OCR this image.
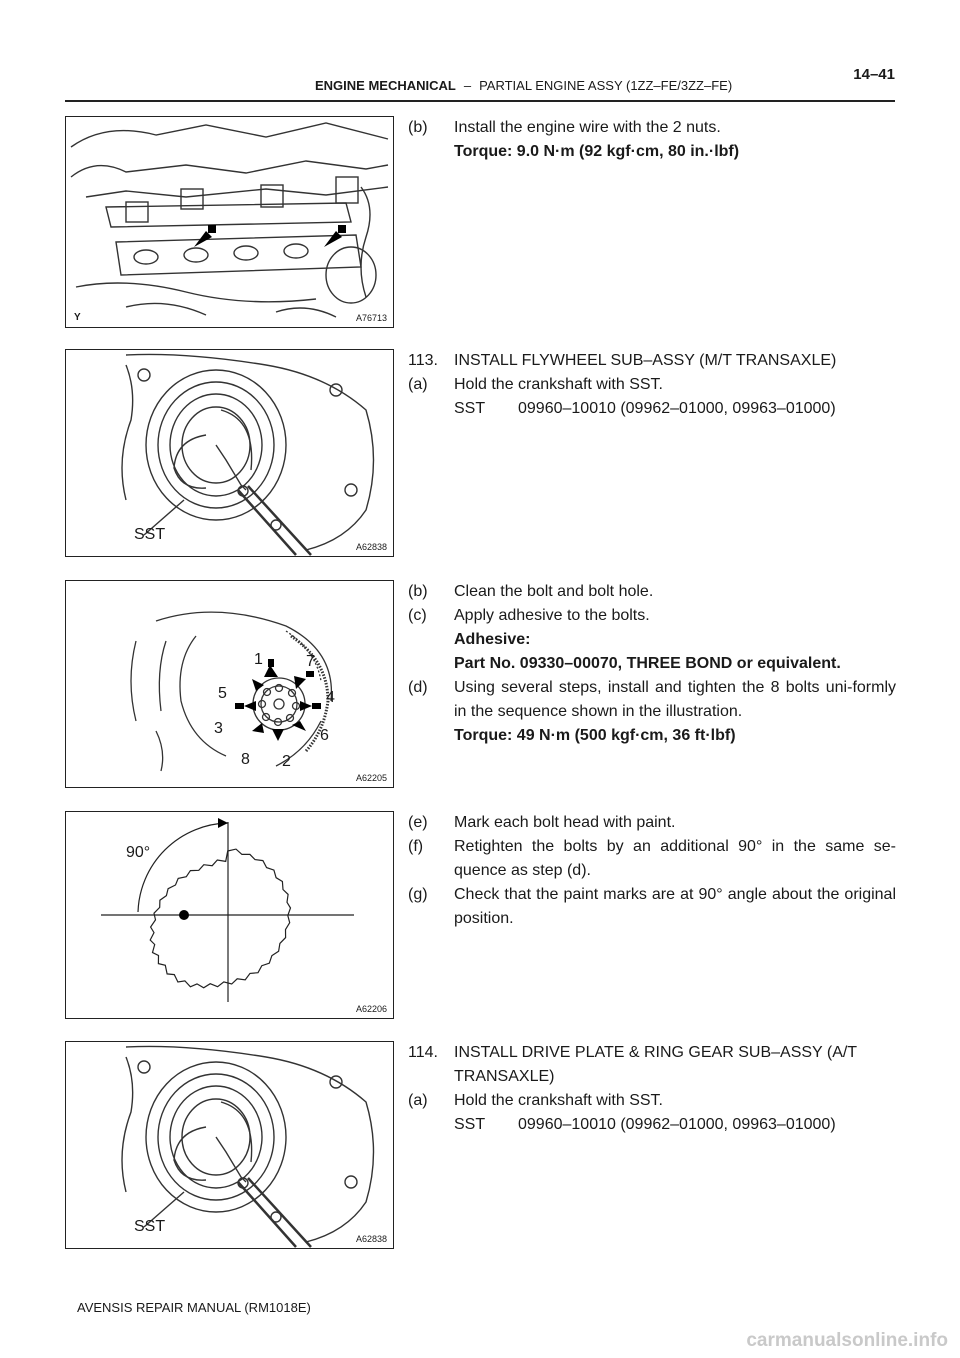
ENGINE MECHANICAL – PARTIAL ENGINE ASSY (1ZZ–FE/3ZZ–FE)
14–41
Y	A76713
SST
A62838
1	7
5	4
3	6
8 2
A62205
90°
A62206
SST
A62838
(b) Install the engine wire with the 2 nuts.
Torque: 9.0 N·m (92 kgf·cm, 80 in.·lbf)
113. INSTALL FLYWHEEL SUB–ASSY (M/T TRANSAXLE)
(a) Hold the crankshaft with SST.
SST 09960–10010 (09962–01000, 09963–01000)
(b) Clean the bolt and bolt hole.
(c) Apply adhesive to the bolts.
Adhesive:
Part No. 09330–00070, THREE BOND or equivalent.
(d) Using several steps, install and tighten the 8 bolts uni-formly in the sequence shown in the illustration.
Torque: 49 N·m (500 kgf·cm, 36 ft·lbf)
(e) Mark each bolt head with paint.
(f) Retighten the bolts by an additional 90° in the same se-quence as step (d).
(g) Check that the paint marks are at 90° angle about the original position.
114. INSTALL DRIVE PLATE & RING GEAR SUB–ASSY (A/T TRANSAXLE)
(a) Hold the crankshaft with SST.
SST 09960–10010 (09962–01000, 09963–01000)
AVENSIS REPAIR MANUAL (RM1018E)
carmanualsonline.info
